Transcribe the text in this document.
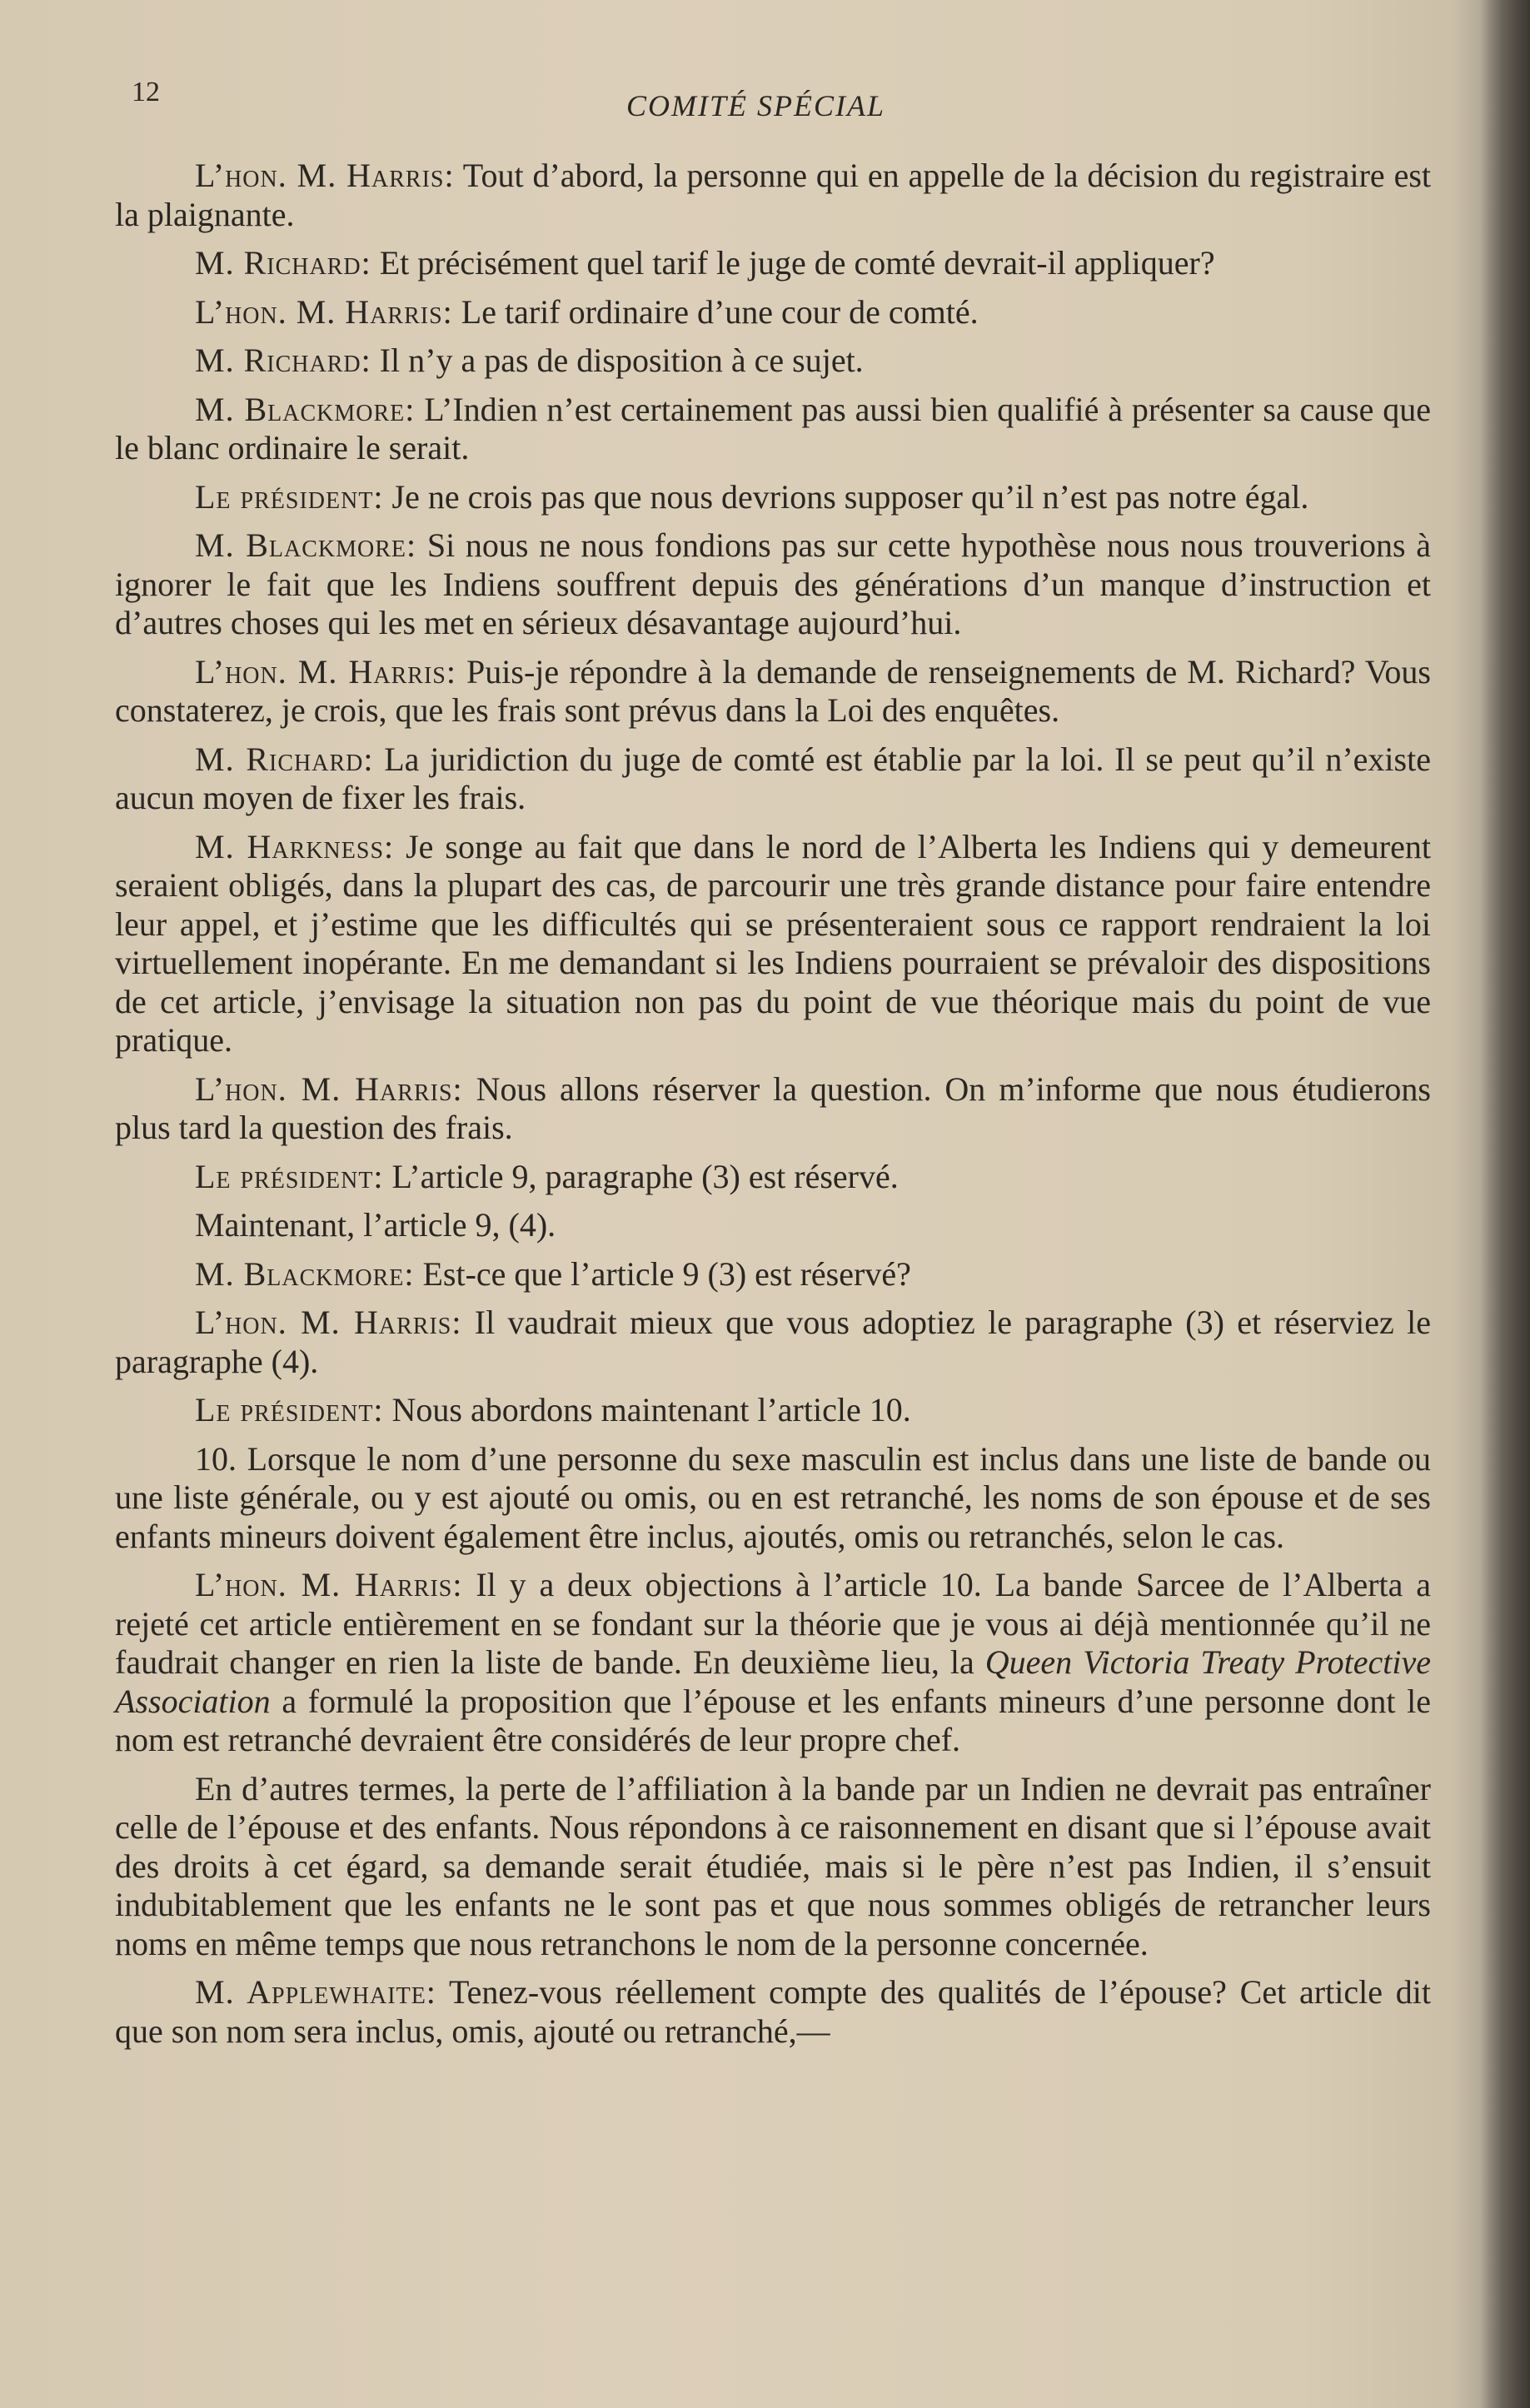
12	COMITÉ SPÉCIAL

L’hon. M. Harris: Tout d’abord, la personne qui en appelle de la décision du registraire est la plaignante.

M. Richard: Et précisément quel tarif le juge de comté devrait-il appliquer?

L’hon. M. Harris: Le tarif ordinaire d’une cour de comté.

M. Richard: Il n’y a pas de disposition à ce sujet.

M. Blackmore: L’Indien n’est certainement pas aussi bien qualifié à présenter sa cause que le blanc ordinaire le serait.

Le président: Je ne crois pas que nous devrions supposer qu’il n’est pas notre égal.

M. Blackmore: Si nous ne nous fondions pas sur cette hypothèse nous nous trouverions à ignorer le fait que les Indiens souffrent depuis des générations d’un manque d’instruction et d’autres choses qui les met en sérieux désavantage aujourd’hui.

L’hon. M. Harris: Puis-je répondre à la demande de renseignements de M. Richard? Vous constaterez, je crois, que les frais sont prévus dans la Loi des enquêtes.

M. Richard: La juridiction du juge de comté est établie par la loi. Il se peut qu’il n’existe aucun moyen de fixer les frais.

M. Harkness: Je songe au fait que dans le nord de l’Alberta les Indiens qui y demeurent seraient obligés, dans la plupart des cas, de parcourir une très grande distance pour faire entendre leur appel, et j’estime que les difficultés qui se présenteraient sous ce rapport rendraient la loi virtuellement inopérante. En me demandant si les Indiens pourraient se prévaloir des dispositions de cet article, j’envisage la situation non pas du point de vue théorique mais du point de vue pratique.

L’hon. M. Harris: Nous allons réserver la question. On m’informe que nous étudierons plus tard la question des frais.

Le président: L’article 9, paragraphe (3) est réservé.

Maintenant, l’article 9, (4).

M. Blackmore: Est-ce que l’article 9 (3) est réservé?

L’hon. M. Harris: Il vaudrait mieux que vous adoptiez le paragraphe (3) et réserviez le paragraphe (4).

Le président: Nous abordons maintenant l’article 10.

10. Lorsque le nom d’une personne du sexe masculin est inclus dans une liste de bande ou une liste générale, ou y est ajouté ou omis, ou en est retranché, les noms de son épouse et de ses enfants mineurs doivent également être inclus, ajoutés, omis ou retranchés, selon le cas.

L’hon. M. Harris: Il y a deux objections à l’article 10. La bande Sarcee de l’Alberta a rejeté cet article entièrement en se fondant sur la théorie que je vous ai déjà mentionnée qu’il ne faudrait changer en rien la liste de bande. En deuxième lieu, la Queen Victoria Treaty Protective Association a formulé la proposition que l’épouse et les enfants mineurs d’une personne dont le nom est retranché devraient être considérés de leur propre chef.

En d’autres termes, la perte de l’affiliation à la bande par un Indien ne devrait pas entraîner celle de l’épouse et des enfants. Nous répondons à ce raisonnement en disant que si l’épouse avait des droits à cet égard, sa demande serait étudiée, mais si le père n’est pas Indien, il s’ensuit indubitablement que les enfants ne le sont pas et que nous sommes obligés de retrancher leurs noms en même temps que nous retranchons le nom de la personne concernée.

M. Applewhaite: Tenez-vous réellement compte des qualités de l’épouse? Cet article dit que son nom sera inclus, omis, ajouté ou retranché,—
